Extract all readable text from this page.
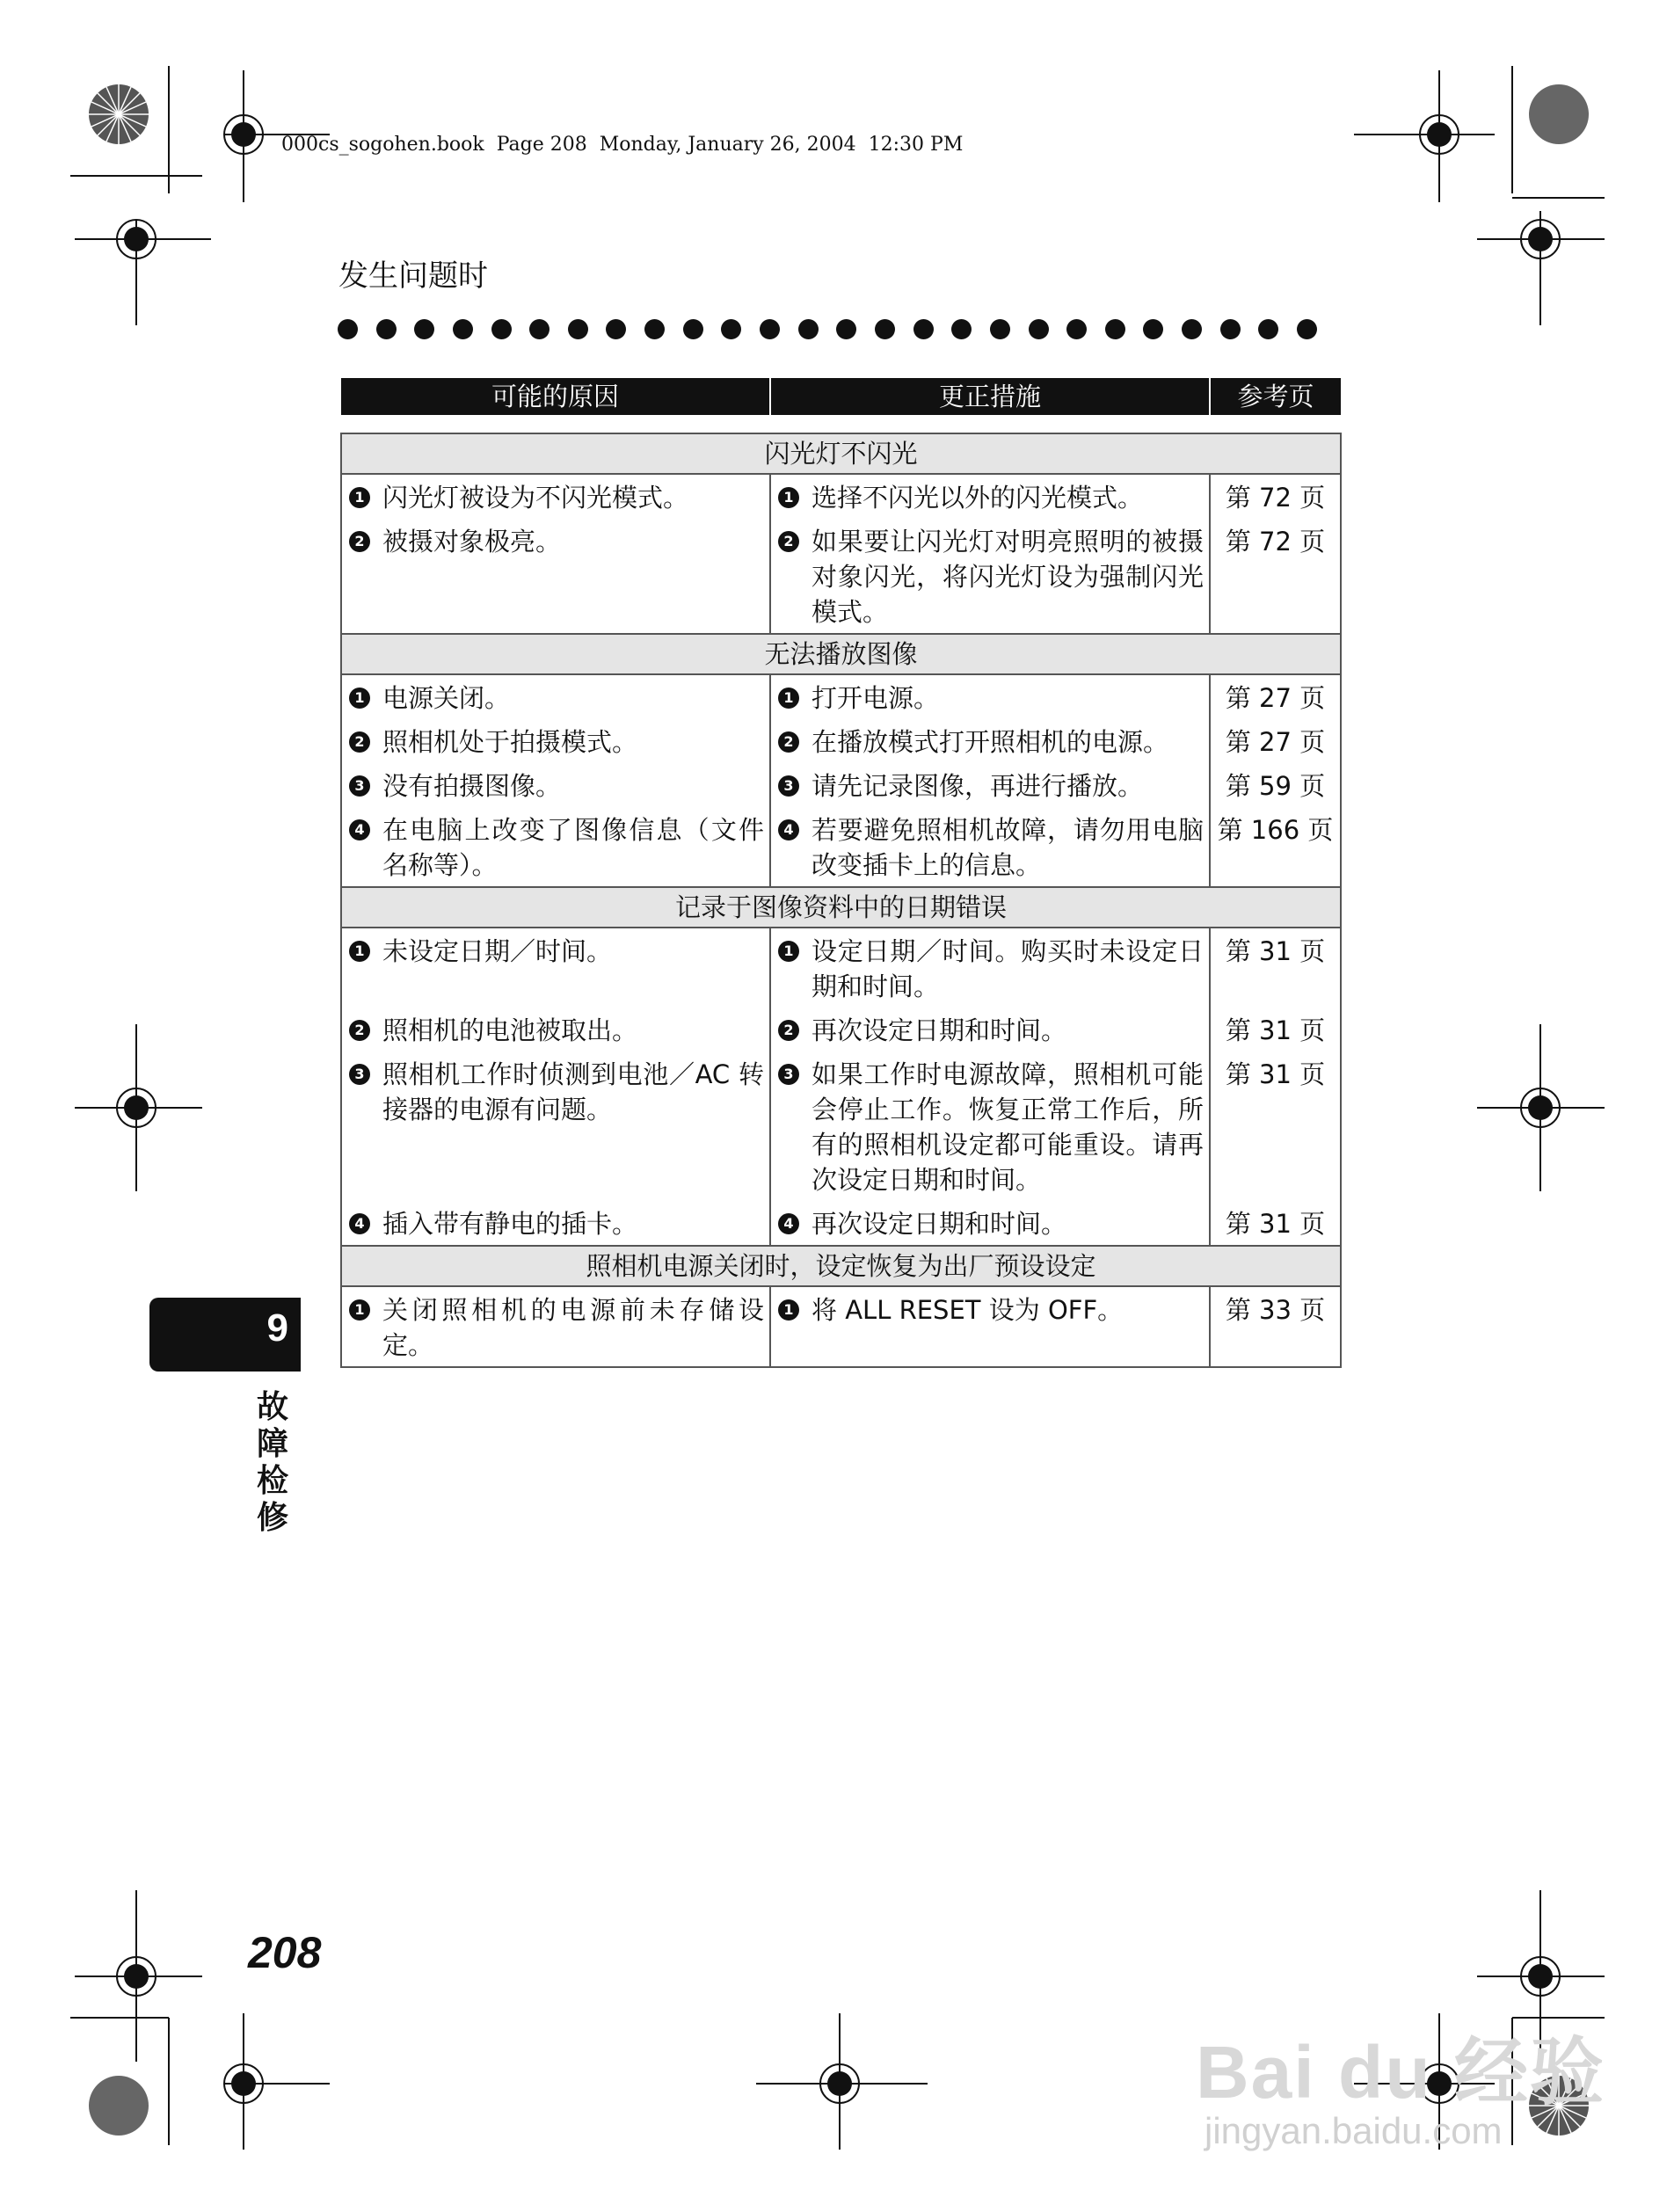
000cs_sogohen.book  Page 208  Monday, January 26, 2004  12:30 PM
发生问题时
可能的原因	更正措施	参考页

闪光灯不闪光		

1 闪光灯被设为不闪光模式。	1 选择不闪光以外的闪光模式。	第 72 页

2 被摄对象极亮。	2 如果要让闪光灯对明亮照明的被摄对象闪光，将闪光灯设为强制闪光模式。	第 72 页
无法播放图像		

1 电源关闭。	1 打开电源。	第 27 页

2 照相机处于拍摄模式。	2 在播放模式打开照相机的电源。	第 27 页

3 没有拍摄图像。	3 请先记录图像，再进行播放。	第 59 页

4 在电脑上改变了图像信息（文件名称等）。	4 若要避免照相机故障，请勿用电脑改变插卡上的信息。	第 166 页
记录于图像资料中的日期错误		

1 未设定日期／时间。	1 设定日期／时间。购买时未设定日期和时间。	第 31 页

2 照相机的电池被取出。	2 再次设定日期和时间。	第 31 页

3 照相机工作时侦测到电池／AC 转接器的电源有问题。	3 如果工作时电源故障，照相机可能会停止工作。恢复正常工作后，所有的照相机设定都可能重设。请再次设定日期和时间。	第 31 页

4 插入带有静电的插卡。	4 再次设定日期和时间。	第 31 页
照相机电源关闭时，设定恢复为出厂预设设定		

1 关闭照相机的电源前未存储设定。	1 将 ALL RESET 设为 OFF。	第 33 页
9
故障检修
208
Bai du 经验
jingyan.baidu.com
